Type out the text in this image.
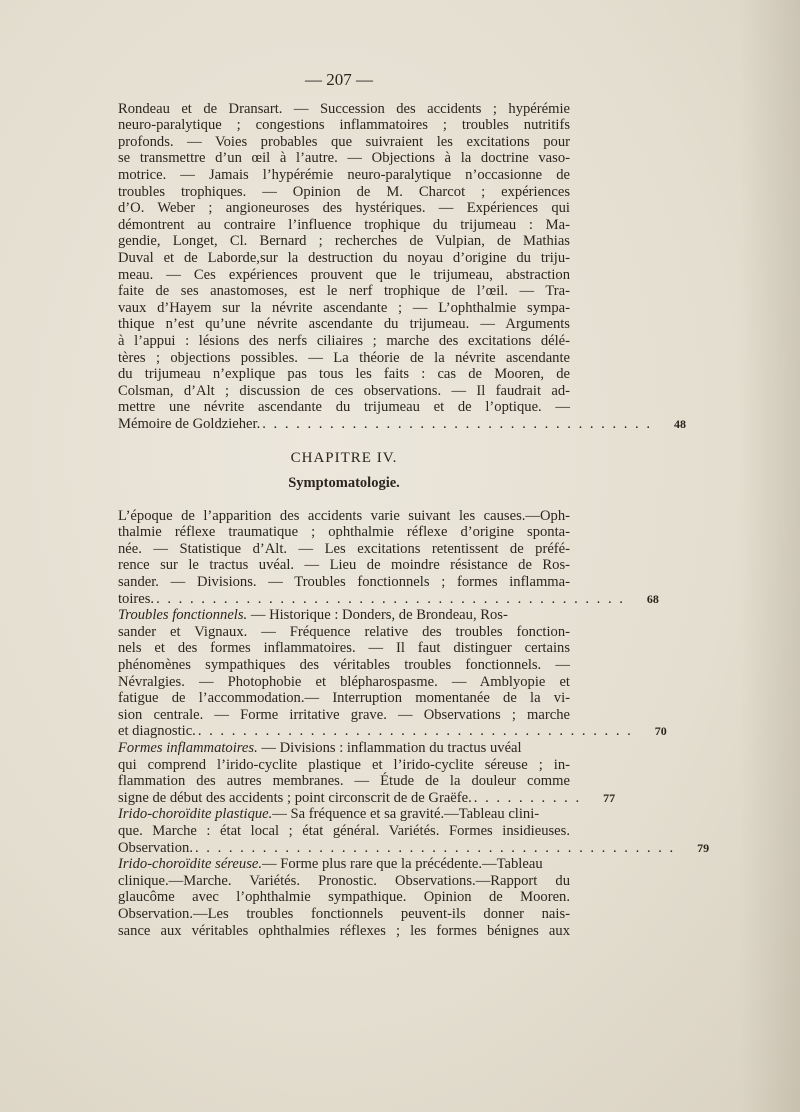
— 207 —

Rondeau et de Dransart. — Succession des accidents ; hypérémie

neuro-paralytique ; congestions inflammatoires ; troubles nutritifs

profonds. — Voies probables que suivraient les excitations pour

se transmettre d’un œil à l’autre. — Objections à la doctrine vaso-

motrice. — Jamais l’hypérémie neuro-paralytique n’occasionne de

troubles trophiques. — Opinion de M. Charcot ; expériences

d’O. Weber ; angioneuroses des hystériques. — Expériences qui

démontrent au contraire l’influence trophique du trijumeau : Ma-

gendie, Longet, Cl. Bernard ; recherches de Vulpian, de Mathias

Duval et de Laborde,sur la destruction du noyau d’origine du triju-

meau. — Ces expériences prouvent que le trijumeau, abstraction

faite de ses anastomoses, est le nerf trophique de l’œil. — Tra-

vaux d’Hayem sur la névrite ascendante ; — L’ophthalmie sympa-

thique n’est qu’une névrite ascendante du trijumeau. — Arguments

à l’appui : lésions des nerfs ciliaires ; marche des excitations délé-

tères ; objections possibles. — La théorie de la névrite ascendante

du trijumeau n’explique pas tous les faits : cas de Mooren, de

Colsman, d’Alt ; discussion de ces observations. — Il faudrait ad-

mettre une névrite ascendante du trijumeau et de l’optique. —

Mémoire de Goldzieher. . . . . . . . . . . . . . . . . . . . . . . . . . . . . . . . . . . . 48
CHAPITRE IV.
Symptomatologie.

L’époque de l’apparition des accidents varie suivant les causes.—Oph-

thalmie réflexe traumatique ; ophthalmie réflexe d’origine sponta-

née. — Statistique d’Alt. — Les excitations retentissent de préfé-

rence sur le tractus uvéal. — Lieu de moindre résistance de Ros-

sander. — Divisions. — Troubles fonctionnels ; formes inflamma-

toires. . . . . . . . . . . . . . . . . . . . . . . . . . . . . . . . . . . . . . . . . . . 68

Troubles fonctionnels. — Historique : Donders, de Brondeau, Ros-

sander et Vignaux. — Fréquence relative des troubles fonction-

nels et des formes inflammatoires. — Il faut distinguer certains

phénomènes sympathiques des véritables troubles fonctionnels. —

Névralgies. — Photophobie et blépharospasme. — Amblyopie et

fatigue de l’accommodation.— Interruption momentanée de la vi-

sion centrale. — Forme irritative grave. — Observations ; marche

et diagnostic. . . . . . . . . . . . . . . . . . . . . . . . . . . . . . . . . . . . . . . . 70

Formes inflammatoires. — Divisions : inflammation du tractus uvéal

qui comprend l’irido-cyclite plastique et l’irido-cyclite séreuse ; in-

flammation des autres membranes. — Étude de la douleur comme

signe de début des accidents ; point circonscrit de de Graëfe. . . . . . . . . . . 77

Irido-choroïdite plastique.— Sa fréquence et sa gravité.—Tableau clini-

que. Marche : état local ; état général. Variétés. Formes insidieuses.

Observation. . . . . . . . . . . . . . . . . . . . . . . . . . . . . . . . . . . . . . . . . . . . 79

Irido-choroïdite séreuse.— Forme plus rare que la précédente.—Tableau

clinique.—Marche. Variétés. Pronostic. Observations.—Rapport du

glaucôme avec l’ophthalmie sympathique. Opinion de Mooren.

Observation.—Les troubles fonctionnels peuvent-ils donner nais-

sance aux véritables ophthalmies réflexes ; les formes bénignes aux
